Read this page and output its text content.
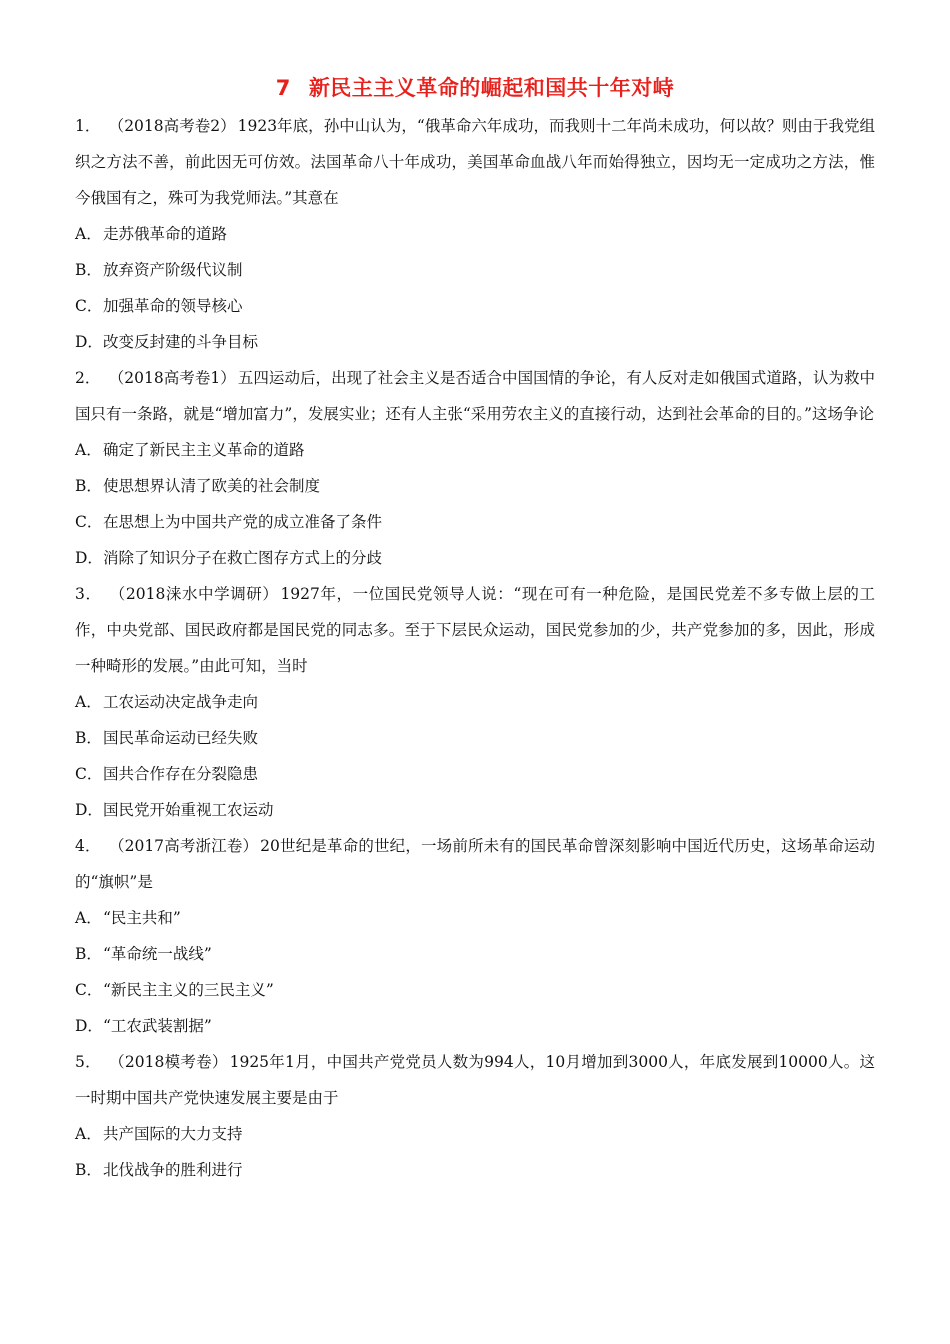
7 新民主主义革命的崛起和国共十年对峙
1． （2018高考卷2） 1923年底，孙中山认为，“俄革命六年成功，而我则十二年尚未成功，何以故？则由于我党组织之方法不善，前此因无可仿效。法国革命八十年成功，美国革命血战八年而始得独立，因均无一定成功之方法，惟今俄国有之，殊可为我党师法。”其意在
A．走苏俄革命的道路
B．放弃资产阶级代议制
C．加强革命的领导核心
D．改变反封建的斗争目标
2． （2018高考卷1） 五四运动后，出现了社会主义是否适合中国国情的争论，有人反对走如俄国式道路，认为救中国只有一条路，就是“增加富力”，发展实业；还有人主张“采用劳农主义的直接行动，达到社会革命的目的。”这场争论
A．确定了新民主主义革命的道路
B．使思想界认清了欧美的社会制度
C．在思想上为中国共产党的成立准备了条件
D．消除了知识分子在救亡图存方式上的分歧
3． （2018涞水中学调研） 1927年，一位国民党领导人说：“现在可有一种危险，是国民党差不多专做上层的工作，中央党部、国民政府都是国民党的同志多。至于下层民众运动，国民党参加的少，共产党参加的多，因此，形成一种畸形的发展。”由此可知，当时
A．工农运动决定战争走向
B．国民革命运动已经失败
C．国共合作存在分裂隐患
D．国民党开始重视工农运动
4． （2017高考浙江卷） 20世纪是革命的世纪，一场前所未有的国民革命曾深刻影响中国近代历史，这场革命运动的“旗帜”是
A．“民主共和”
B．“革命统一战线”
C．“新民主主义的三民主义”
D．“工农武装割据”
5． （2018模考卷） 1925年1月，中国共产党党员人数为994人，10月增加到3000人，年底发展到10000人。这一时期中国共产党快速发展主要是由于
A．共产国际的大力支持
B．北伐战争的胜利进行
